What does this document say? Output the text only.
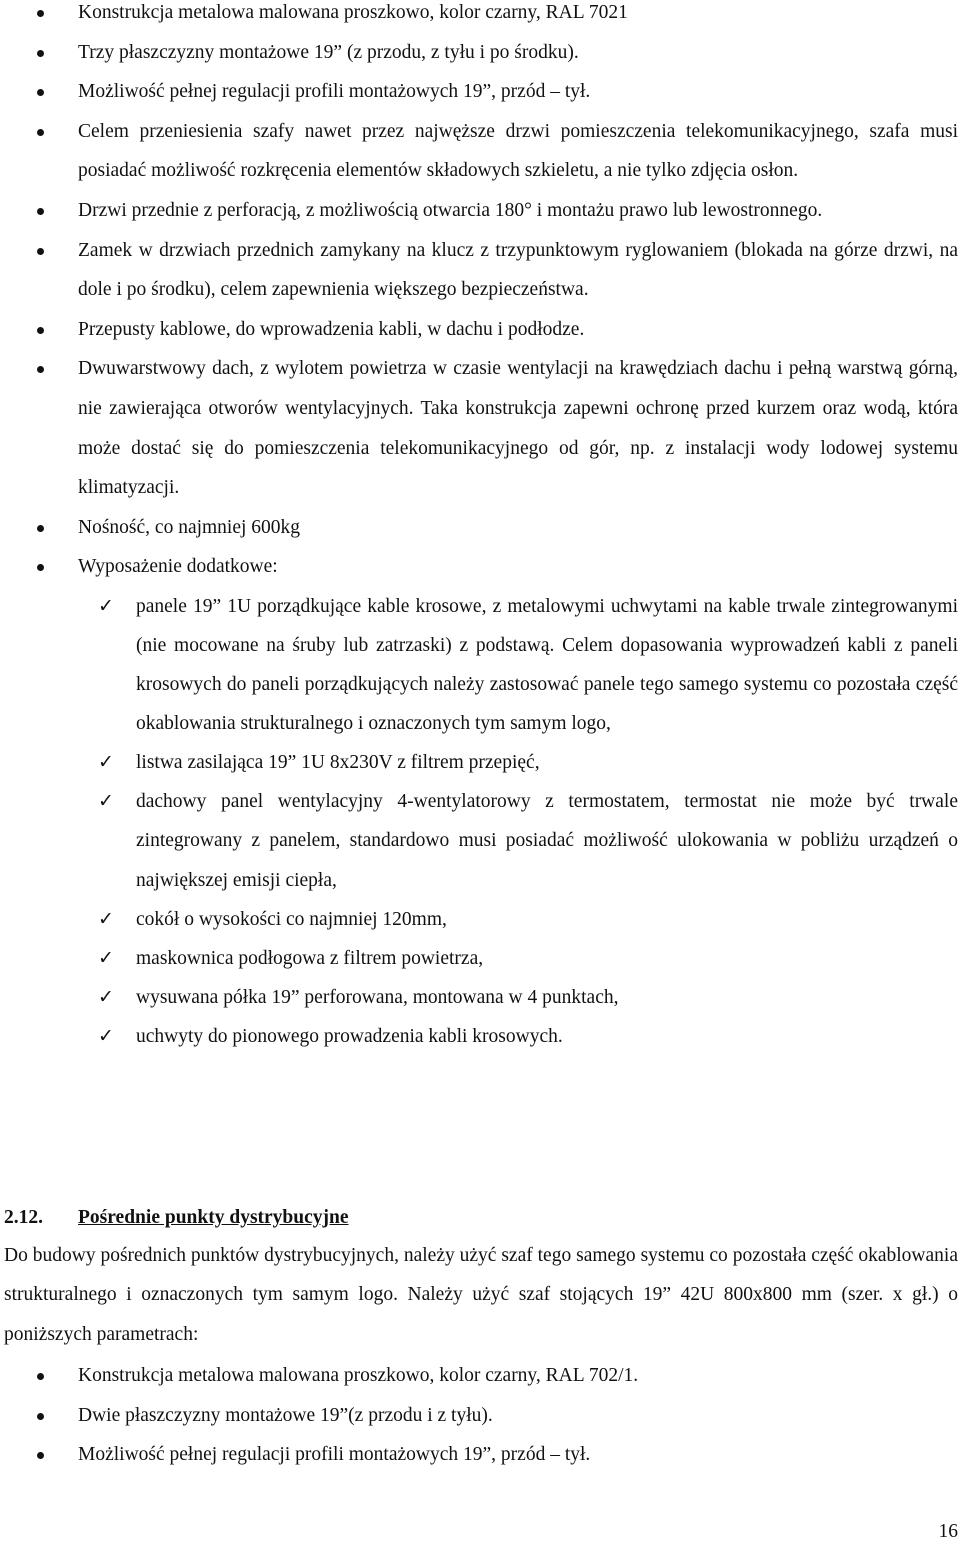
Konstrukcja metalowa malowana proszkowo, kolor czarny, RAL 7021
Trzy płaszczyzny montażowe 19” (z przodu, z tyłu i po środku).
Możliwość pełnej regulacji profili montażowych 19”, przód – tył.
Celem przeniesienia szafy nawet przez najwęższe drzwi pomieszczenia telekomunikacyjnego, szafa musi posiadać możliwość rozkręcenia elementów składowych szkieletu, a nie tylko zdjęcia osłon.
Drzwi przednie z perforacją, z możliwością otwarcia 180° i montażu prawo lub lewostronnego.
Zamek w drzwiach przednich zamykany na klucz z trzypunktowym ryglowaniem (blokada na górze drzwi, na dole i po środku), celem zapewnienia większego bezpieczeństwa.
Przepusty kablowe, do wprowadzenia kabli, w dachu i podłodze.
Dwuwarstwowy dach, z wylotem powietrza w czasie wentylacji na krawędziach dachu i pełną warstwą górną, nie zawierająca otworów wentylacyjnych. Taka konstrukcja zapewni ochronę przed kurzem oraz wodą, która może dostać się do pomieszczenia telekomunikacyjnego od gór, np. z instalacji wody lodowej systemu klimatyzacji.
Nośność, co najmniej 600kg
Wyposażenie dodatkowe:
✓	panele 19” 1U porządkujące kable krosowe, z metalowymi uchwytami na kable trwale zintegrowanymi (nie mocowane na śruby lub zatrzaski) z podstawą. Celem dopasowania wyprowadzeń kabli z paneli krosowych do paneli porządkujących należy zastosować panele tego samego systemu co pozostała część okablowania strukturalnego i oznaczonych tym samym logo,
✓	listwa zasilająca 19” 1U 8x230V z filtrem przepięć,
✓	dachowy panel wentylacyjny 4-wentylatorowy z termostatem, termostat nie może być trwale zintegrowany z panelem, standardowo musi posiadać możliwość ulokowania w pobliżu urządzeń o największej emisji ciepła,
✓	cokół o wysokości co najmniej 120mm,
✓	maskownica podłogowa z filtrem powietrza,
✓	wysuwana półka 19” perforowana, montowana w 4 punktach,
✓	uchwyty do pionowego prowadzenia kabli krosowych.
2.12. Pośrednie punkty dystrybucyjne

Do budowy pośrednich punktów dystrybucyjnych, należy użyć szaf tego samego systemu co pozostała część okablowania strukturalnego i oznaczonych tym samym logo. Należy użyć szaf stojących 19” 42U 800x800 mm (szer. x gł.) o poniższych parametrach:

Konstrukcja metalowa malowana proszkowo, kolor czarny, RAL 702/1.
Dwie płaszczyzny montażowe 19”(z przodu i z tyłu).
Możliwość pełnej regulacji profili montażowych 19”, przód – tył.
16
